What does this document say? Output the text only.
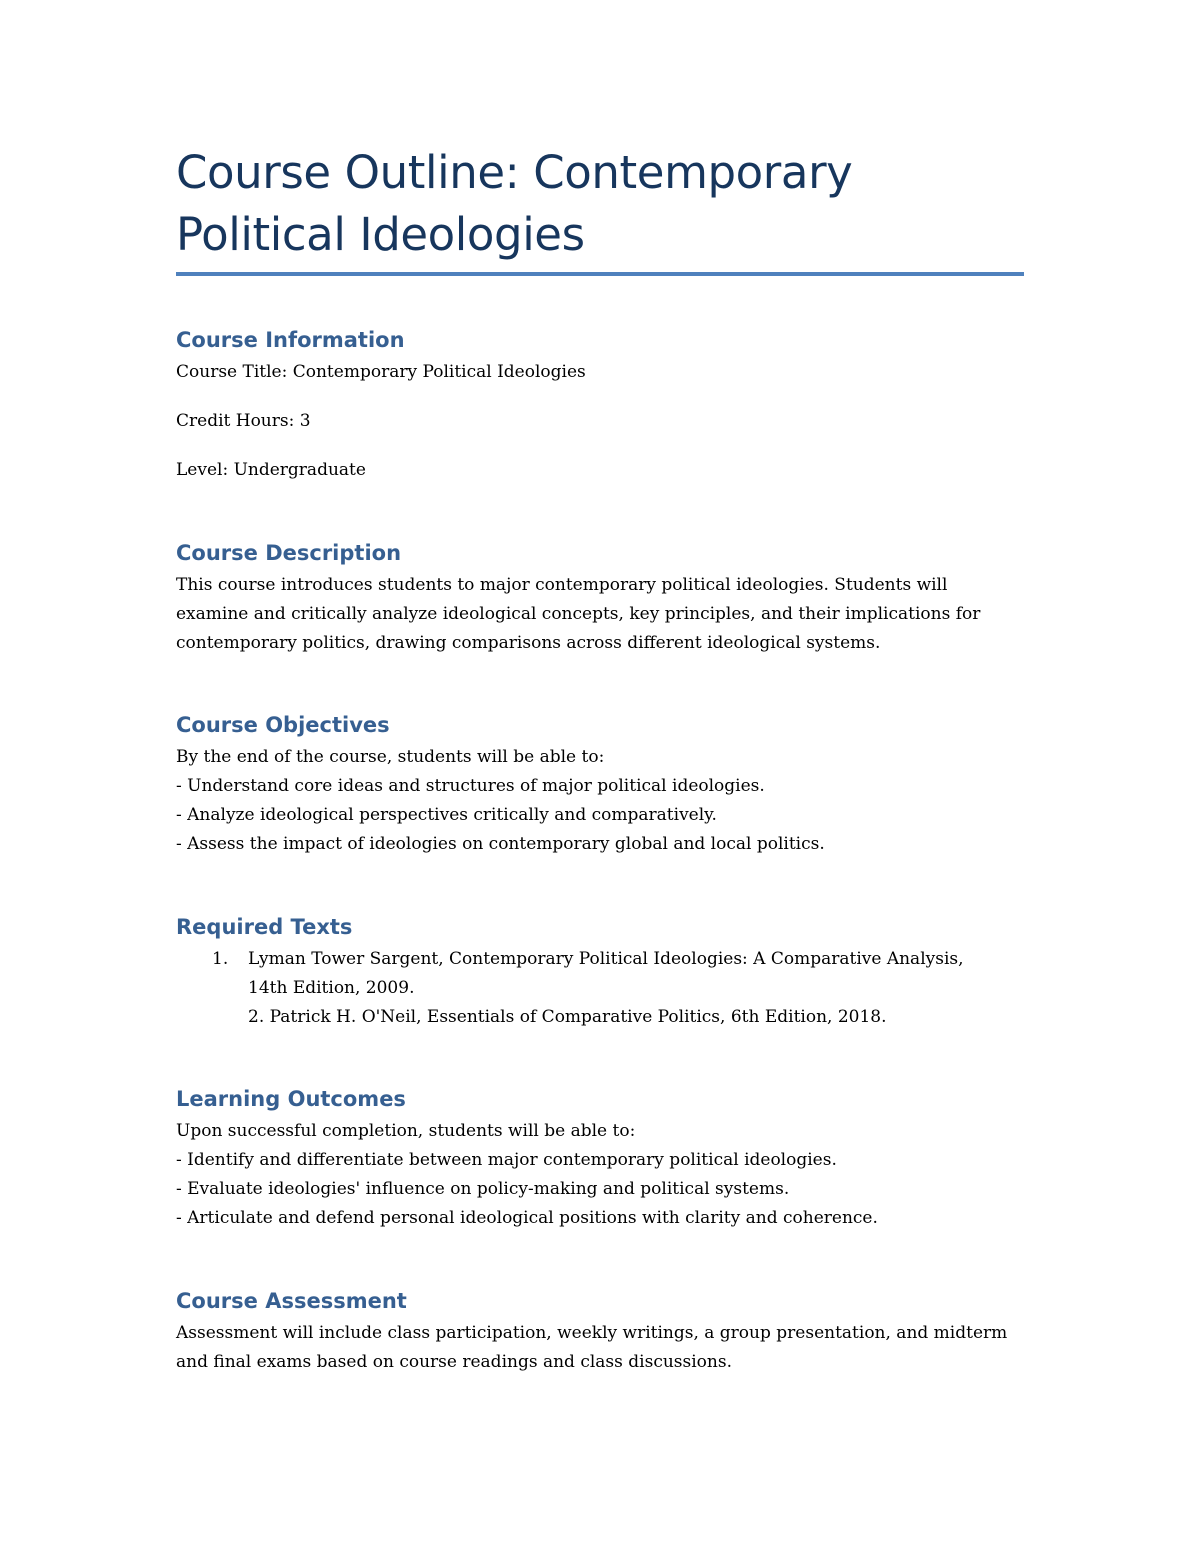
Course Outline: Contemporary Political Ideologies
Course Information

Course Title: Contemporary Political Ideologies

Credit Hours: 3

Level: Undergraduate

Course Description

This course introduces students to major contemporary political ideologies. Students will examine and critically analyze ideological concepts, key principles, and their implications for contemporary politics, drawing comparisons across different ideological systems.

Course Objectives

By the end of the course, students will be able to:

- Understand core ideas and structures of major political ideologies.

- Analyze ideological perspectives critically and comparatively.

- Assess the impact of ideologies on contemporary global and local politics.

Required Texts
1. Lyman Tower Sargent, Contemporary Political Ideologies: A Comparative Analysis,
14th Edition, 2009.
2. Patrick H. O'Neil, Essentials of Comparative Politics, 6th Edition, 2018.
Learning Outcomes

Upon successful completion, students will be able to:

- Identify and differentiate between major contemporary political ideologies.

- Evaluate ideologies' influence on policy-making and political systems.

- Articulate and defend personal ideological positions with clarity and coherence.

Course Assessment

Assessment will include class participation, weekly writings, a group presentation, and midterm and final exams based on course readings and class discussions.
